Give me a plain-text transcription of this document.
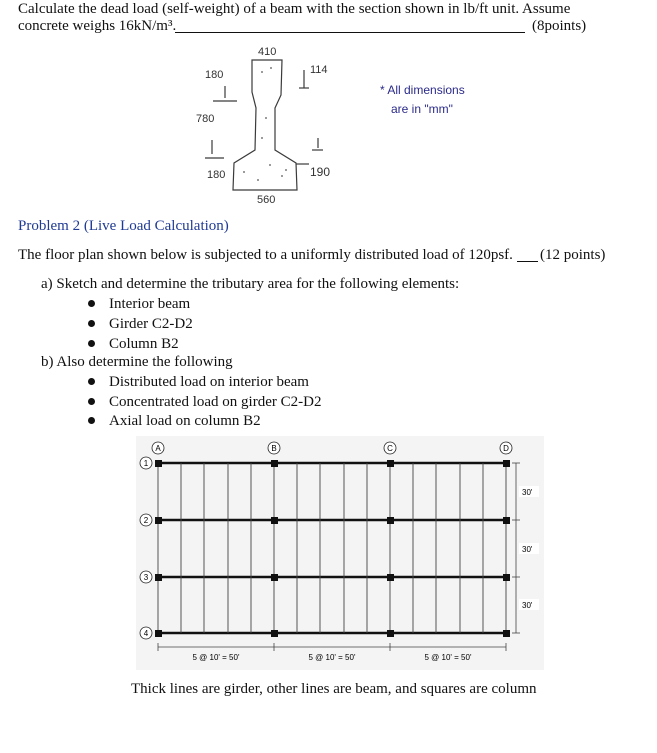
Calculate the dead load (self-weight) of a beam with the section shown in lb/ft unit. Assume
concrete weighs 16kN/m³.	(8points)
410
180	114
780
180	190
560
* All dimensions
are in "mm"
Problem 2 (Live Load Calculation)
The floor plan shown below is subjected to a uniformly distributed load of 120psf. (12 points)
a) Sketch and determine the tributary area for the following elements:
Interior beam
Girder C2-D2
Column B2
b) Also determine the following
Distributed load on interior beam
Concentrated load on girder C2-D2
Axial load on column B2
A	B	C	D
1
2
3
4
30'
30'
30'
5 @ 10' = 50'	5 @ 10' = 50'	5 @ 10' = 50'
Thick lines are girder, other lines are beam, and squares are column
